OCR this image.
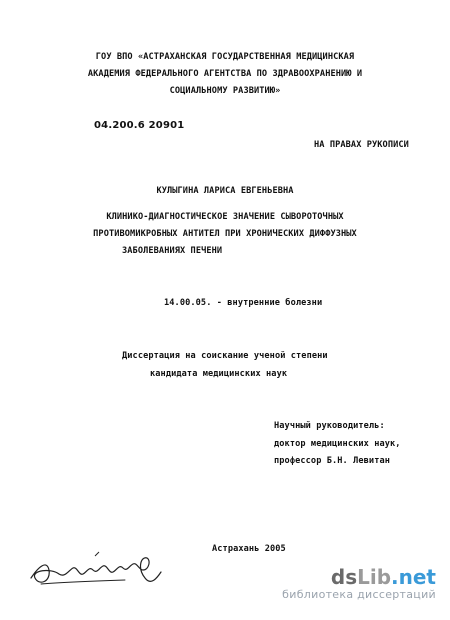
ГОУ ВПО «АСТРАХАНСКАЯ ГОСУДАРСТВЕННАЯ МЕДИЦИНСКАЯ
АКАДЕМИЯ ФЕДЕРАЛЬНОГО АГЕНТСТВА ПО ЗДРАВООХРАНЕНИЮ И
СОЦИАЛЬНОМУ РАЗВИТИЮ»
04.200.6 20901
НА ПРАВАХ РУКОПИСИ
КУЛЫГИНА ЛАРИСА ЕВГЕНЬЕВНА
КЛИНИКО-ДИАГНОСТИЧЕСКОЕ ЗНАЧЕНИЕ СЫВОРОТОЧНЫХ
ПРОТИВОМИКРОБНЫХ АНТИТЕЛ ПРИ ХРОНИЧЕСКИХ ДИФФУЗНЫХ
ЗАБОЛЕВАНИЯХ ПЕЧЕНИ
14.00.05. - внутренние болезни
Диссертация на соискание ученой степени
кандидата медицинских наук
Научный руководитель:
доктор медицинских наук,
профессор Б.Н. Левитан
Астрахань 2005
dsLib.net
библиотека диссертаций
